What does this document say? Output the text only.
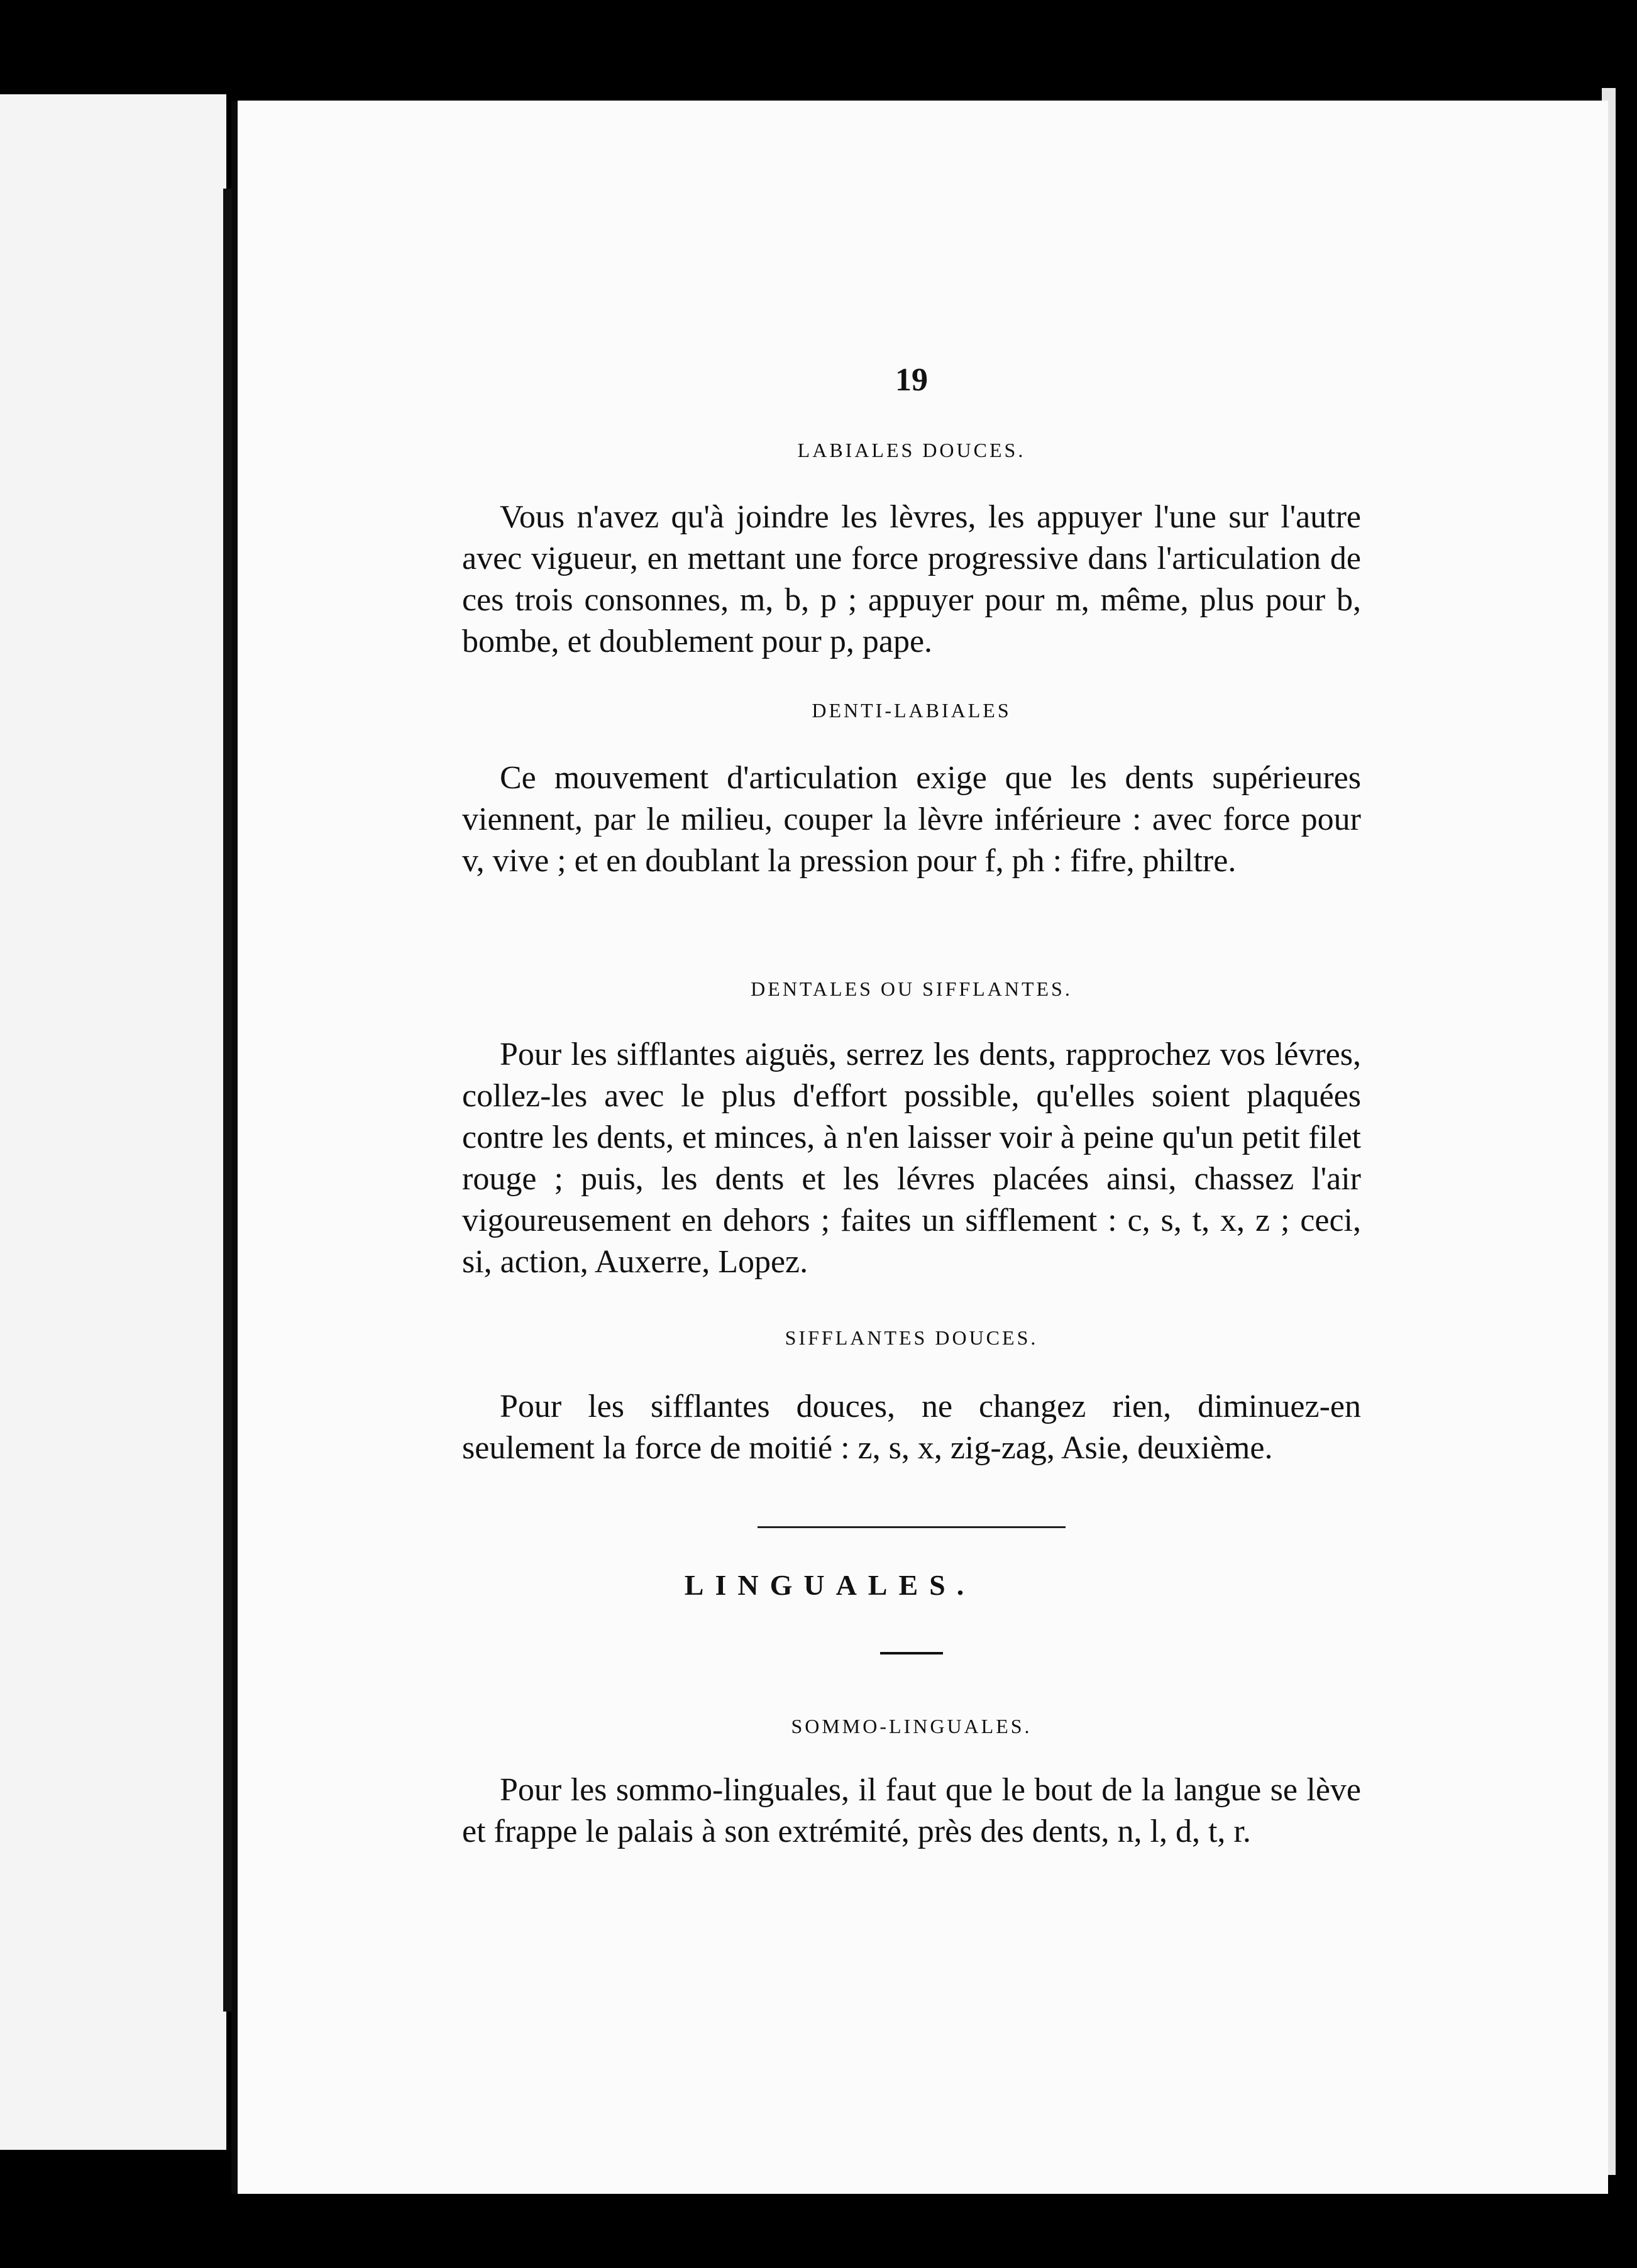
19
LABIALES DOUCES.

Vous n'avez qu'à joindre les lèvres, les appuyer l'une sur l'autre avec vigueur, en mettant une force progressive dans l'articulation de ces trois consonnes, m, b, p ; appuyer pour m, même, plus pour b, bombe, et doublement pour p, pape.

DENTI-LABIALES

Ce mouvement d'articulation exige que les dents supérieures viennent, par le milieu, couper la lèvre inférieure : avec force pour v, vive ; et en doublant la pression pour f, ph : fifre, philtre.

DENTALES OU SIFFLANTES.

Pour les sifflantes aiguës, serrez les dents, rapprochez vos lévres, collez-les avec le plus d'effort possible, qu'elles soient plaquées contre les dents, et minces, à n'en laisser voir à peine qu'un petit filet rouge ; puis, les dents et les lévres placées ainsi, chassez l'air vigoureusement en dehors ; faites un sifflement : c, s, t, x, z ; ceci, si, action, Auxerre, Lopez.

SIFFLANTES DOUCES.

Pour les sifflantes douces, ne changez rien, diminuez-en seulement la force de moitié : z, s, x, zig-zag, Asie, deuxième.

LINGUALES.
SOMMO-LINGUALES.

Pour les sommo-linguales, il faut que le bout de la langue se lève et frappe le palais à son extrémité, près des dents, n, l, d, t, r.
